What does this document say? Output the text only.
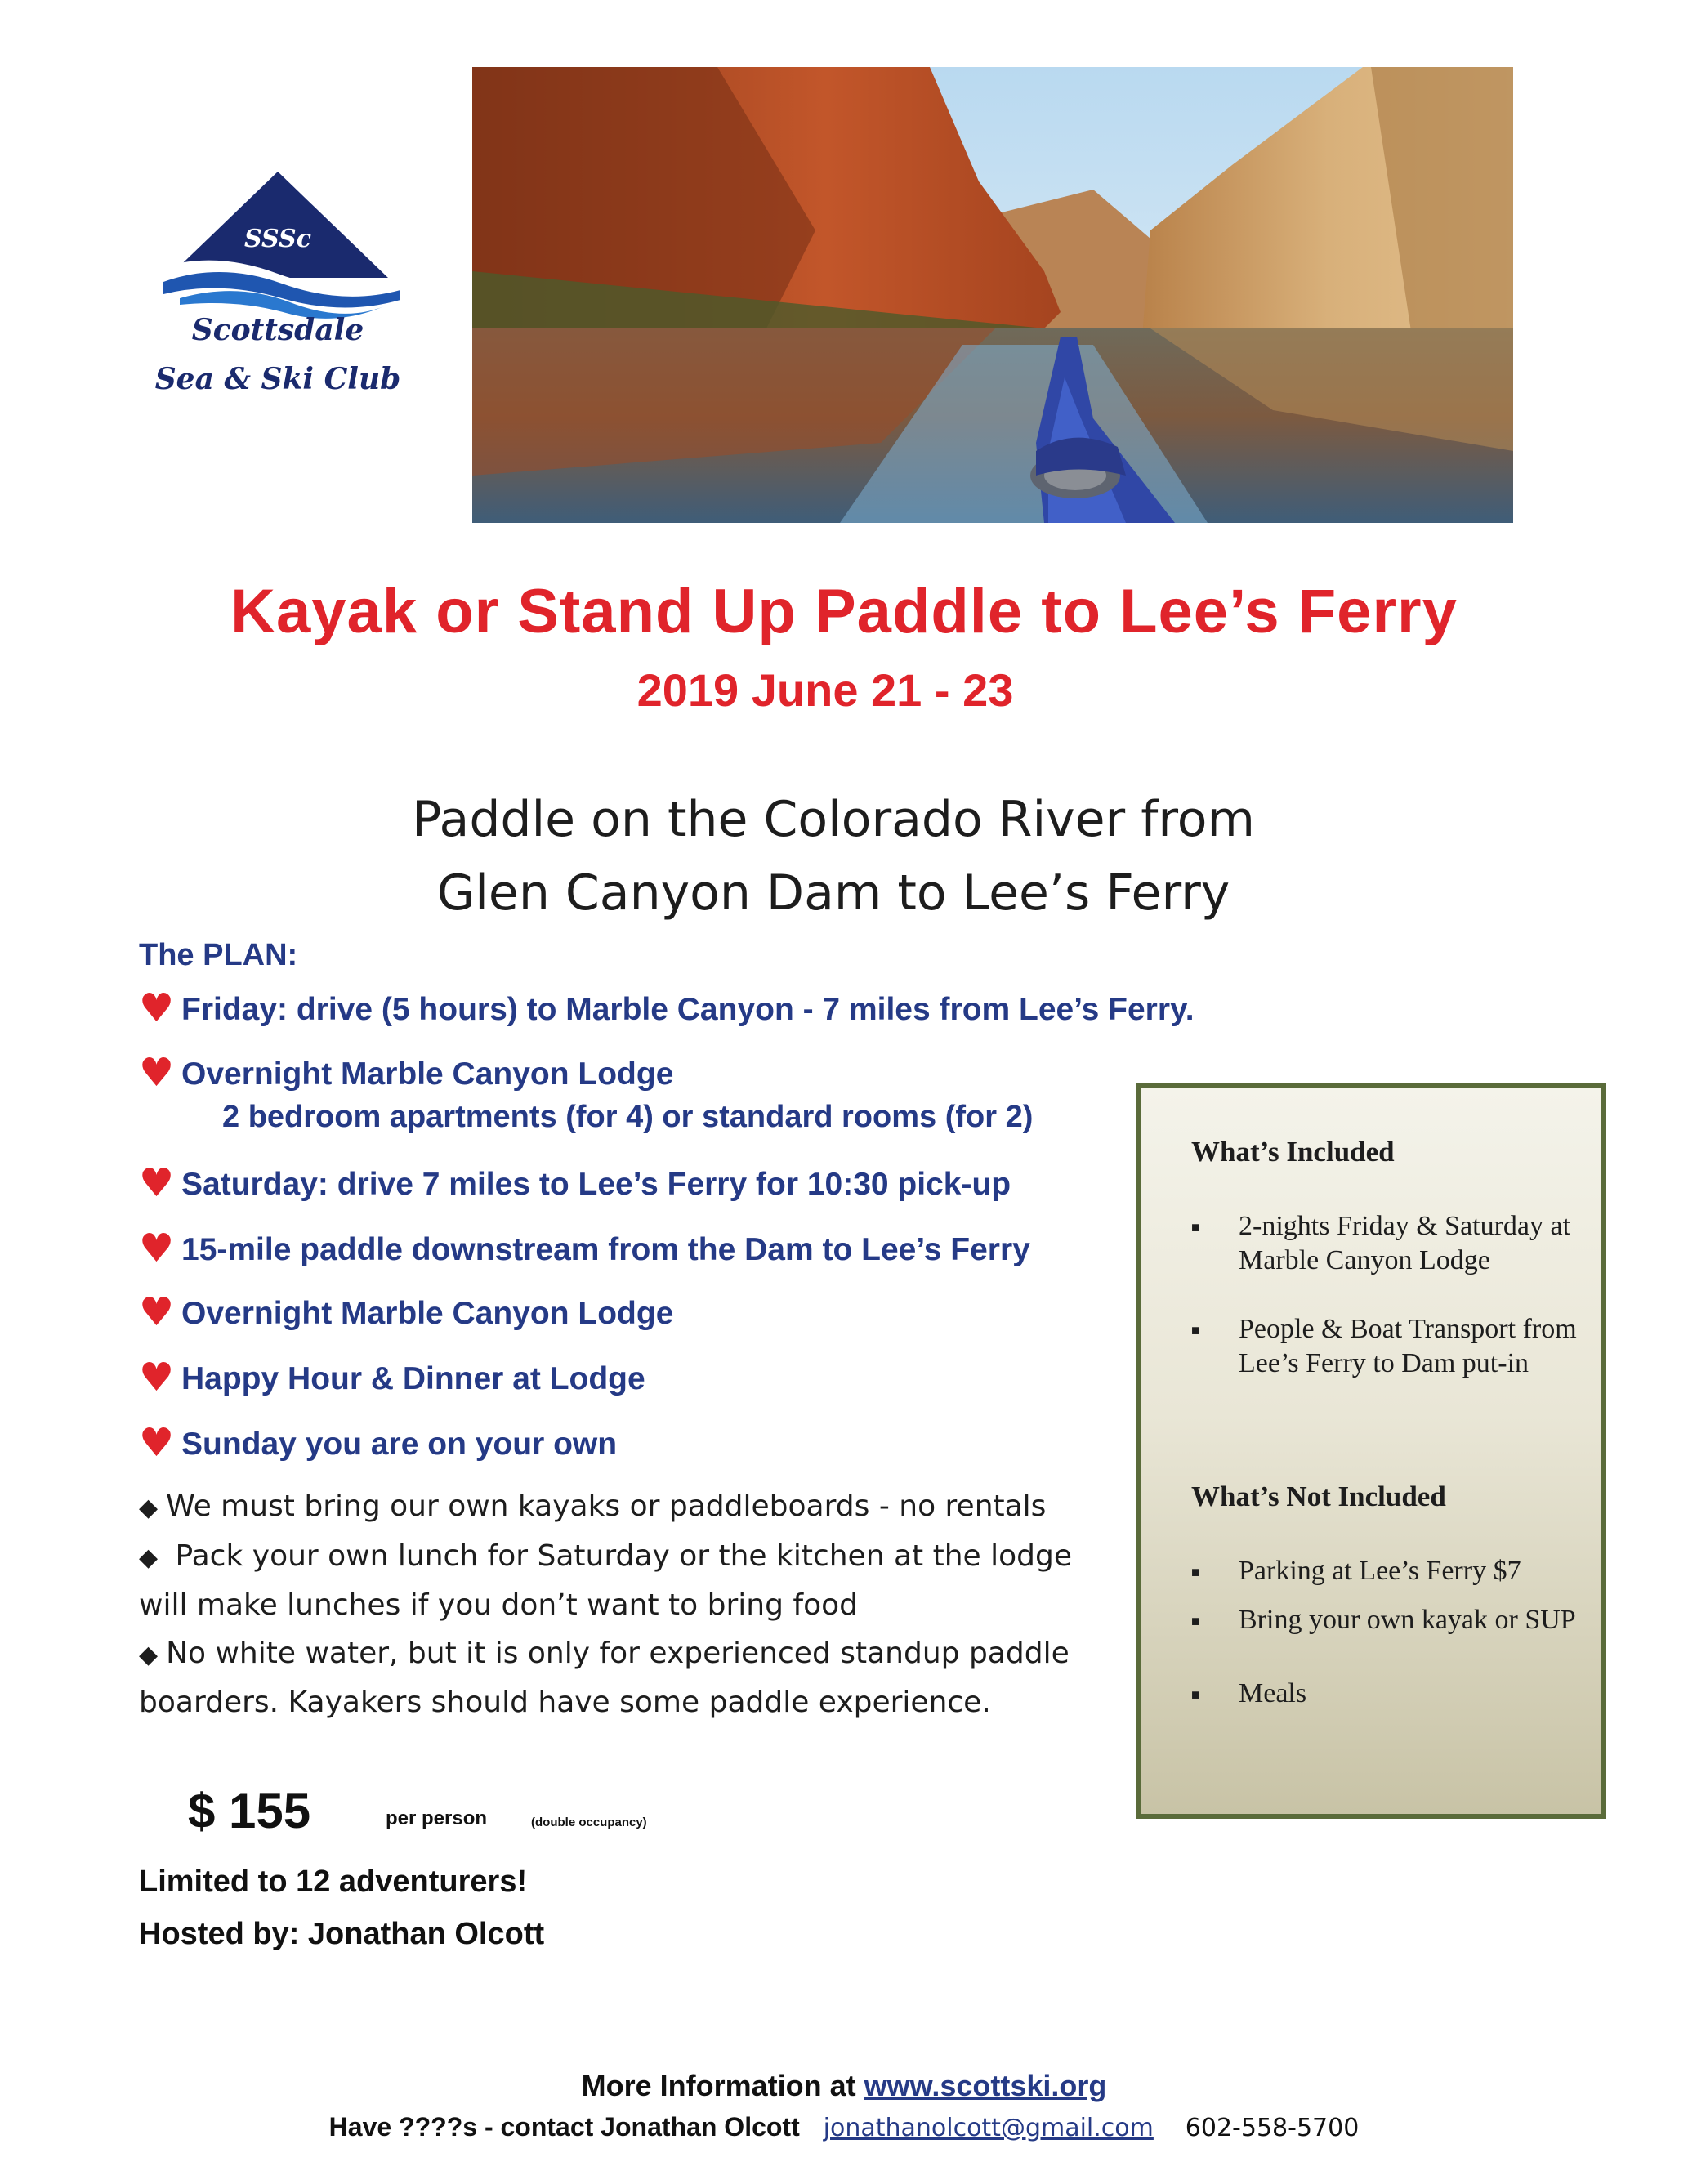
SSSc
Scottsdale
Sea & Ski Club
Kayak or Stand Up Paddle to Lee’s Ferry
2019 June 21 - 23
Paddle on the Colorado River from
Glen Canyon Dam to Lee’s Ferry
The PLAN:
♥ Friday: drive (5 hours) to Marble Canyon - 7 miles from Lee’s Ferry.
♥ Overnight Marble Canyon Lodge
2 bedroom apartments (for 4) or standard rooms (for 2)
♥ Saturday: drive 7 miles to Lee’s Ferry for 10:30 pick-up
♥ 15-mile paddle downstream from the Dam to Lee’s Ferry
♥ Overnight Marble Canyon Lodge
♥ Happy Hour & Dinner at Lodge
♥ Sunday you are on your own
◆ We must bring our own kayaks or paddleboards - no rentals
◆ Pack your own lunch for Saturday or the kitchen at the lodge will make lunches if you don’t want to bring food
◆ No white water, but it is only for experienced standup paddle boarders. Kayakers should have some paddle experience.
$ 155	per person	(double occupancy)
Limited to 12 adventurers!
Hosted by: Jonathan Olcott
What’s Included
■ 2-nights Friday & Saturday at Marble Canyon Lodge
■ People & Boat Transport from Lee’s Ferry to Dam put-in
What’s Not Included
■ Parking at Lee’s Ferry $7
■ Bring your own kayak or SUP
■ Meals
More Information at www.scottski.org
Have ????s - contact Jonathan Olcott jonathanolcott@gmail.com 602-558-5700
